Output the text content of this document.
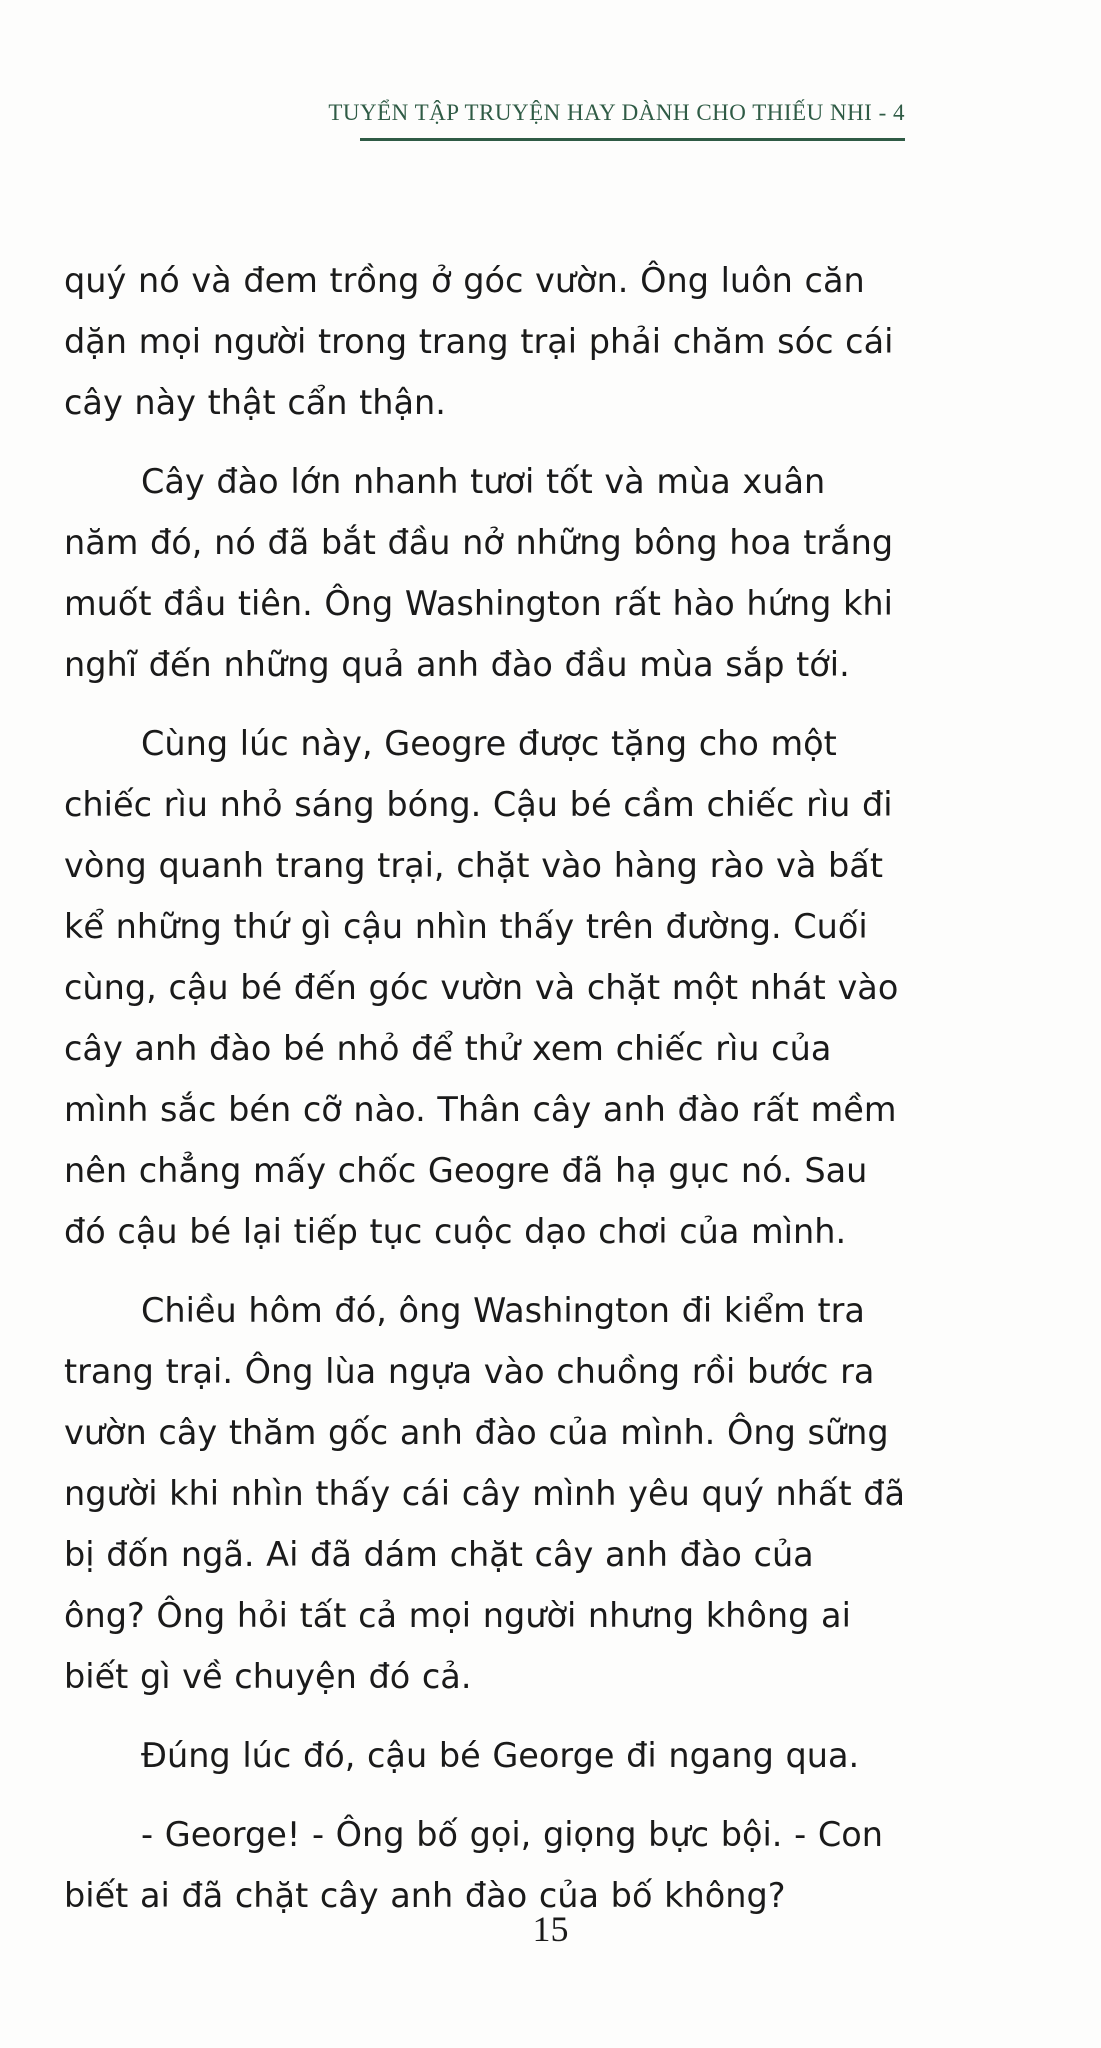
TUYỂN TẬP TRUYỆN HAY DÀNH CHO THIẾU NHI - 4

quý nó và đem trồng ở góc vườn. Ông luôn căn dặn mọi người trong trang trại phải chăm sóc cái cây này thật cẩn thận.

Cây đào lớn nhanh tươi tốt và mùa xuân năm đó, nó đã bắt đầu nở những bông hoa trắng muốt đầu tiên. Ông Washington rất hào hứng khi nghĩ đến những quả anh đào đầu mùa sắp tới.

Cùng lúc này, Geogre được tặng cho một chiếc rìu nhỏ sáng bóng. Cậu bé cầm chiếc rìu đi vòng quanh trang trại, chặt vào hàng rào và bất kể những thứ gì cậu nhìn thấy trên đường. Cuối cùng, cậu bé đến góc vườn và chặt một nhát vào cây anh đào bé nhỏ để thử xem chiếc rìu của mình sắc bén cỡ nào. Thân cây anh đào rất mềm nên chẳng mấy chốc Geogre đã hạ gục nó. Sau đó cậu bé lại tiếp tục cuộc dạo chơi của mình.

Chiều hôm đó, ông Washington đi kiểm tra trang trại. Ông lùa ngựa vào chuồng rồi bước ra vườn cây thăm gốc anh đào của mình. Ông sững người khi nhìn thấy cái cây mình yêu quý nhất đã bị đốn ngã. Ai đã dám chặt cây anh đào của ông? Ông hỏi tất cả mọi người nhưng không ai biết gì về chuyện đó cả.

Đúng lúc đó, cậu bé George đi ngang qua.

- George! - Ông bố gọi, giọng bực bội. - Con biết ai đã chặt cây anh đào của bố không?

15
